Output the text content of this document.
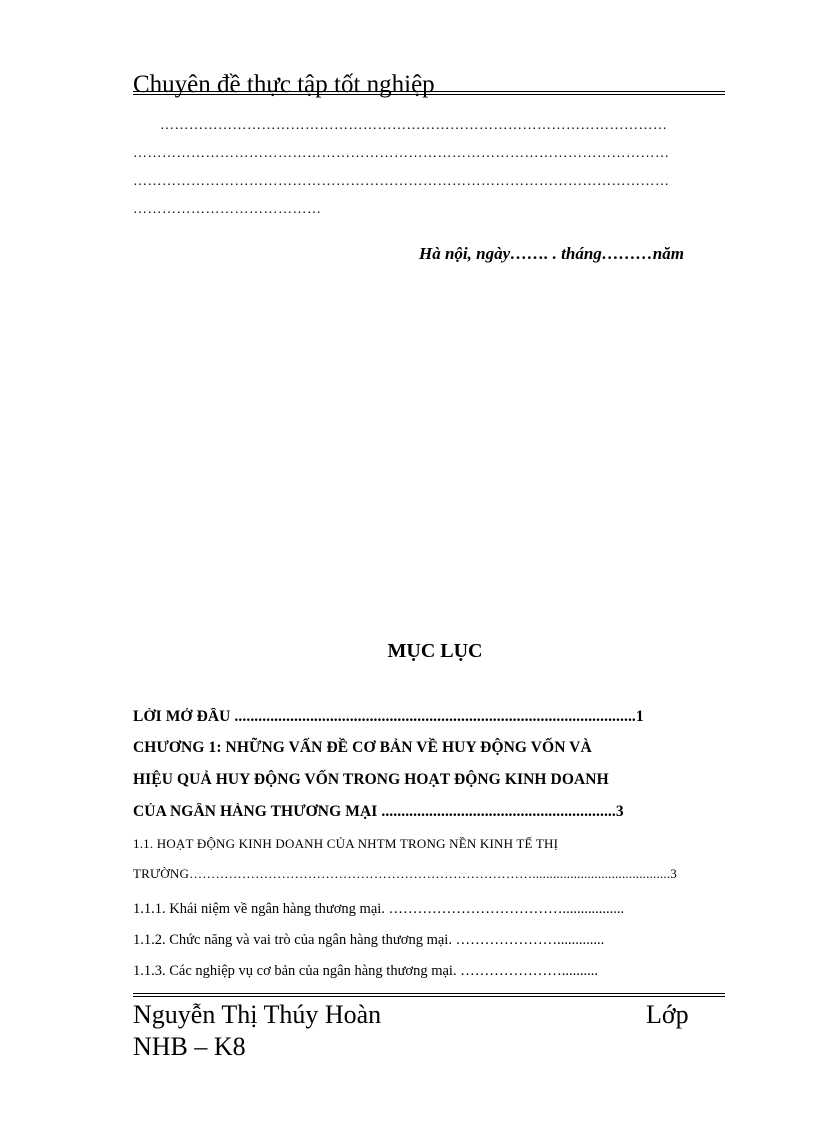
Chuyên đề thực tập tốt nghiệp
……………………………………………………………………………………………
…………………………………………………………………………………………………
…………………………………………………………………………………………………
…………………………………
Hà nội, ngày……. . tháng………năm
MỤC LỤC
LỜI MỞ ĐẦU .....................................................................................................1
CHƯƠNG 1: NHỮNG VẤN ĐỀ CƠ BẢN VỀ HUY ĐỘNG VỐN VÀ
HIỆU QUẢ HUY ĐỘNG VỐN TRONG HOẠT ĐỘNG KINH DOANH
CỦA NGÂN HÀNG THƯƠNG MẠI ...........................................................3
1.1. HOẠT ĐỘNG KINH DOANH CỦA NHTM TRONG NỀN KINH TẾ THỊ
TRƯỜNG……………………………………………………………………........................................3
1.1.1. Khái niệm về ngân hàng thương mại. ……………………………….................
1.1.2. Chức năng và vai trò của ngân hàng thương mại. ………………….............
1.1.3. Các nghiệp vụ cơ bản của ngân hàng thương mại. …………………..........
Nguyễn Thị Thúy Hoàn	Lớp
NHB – K8
